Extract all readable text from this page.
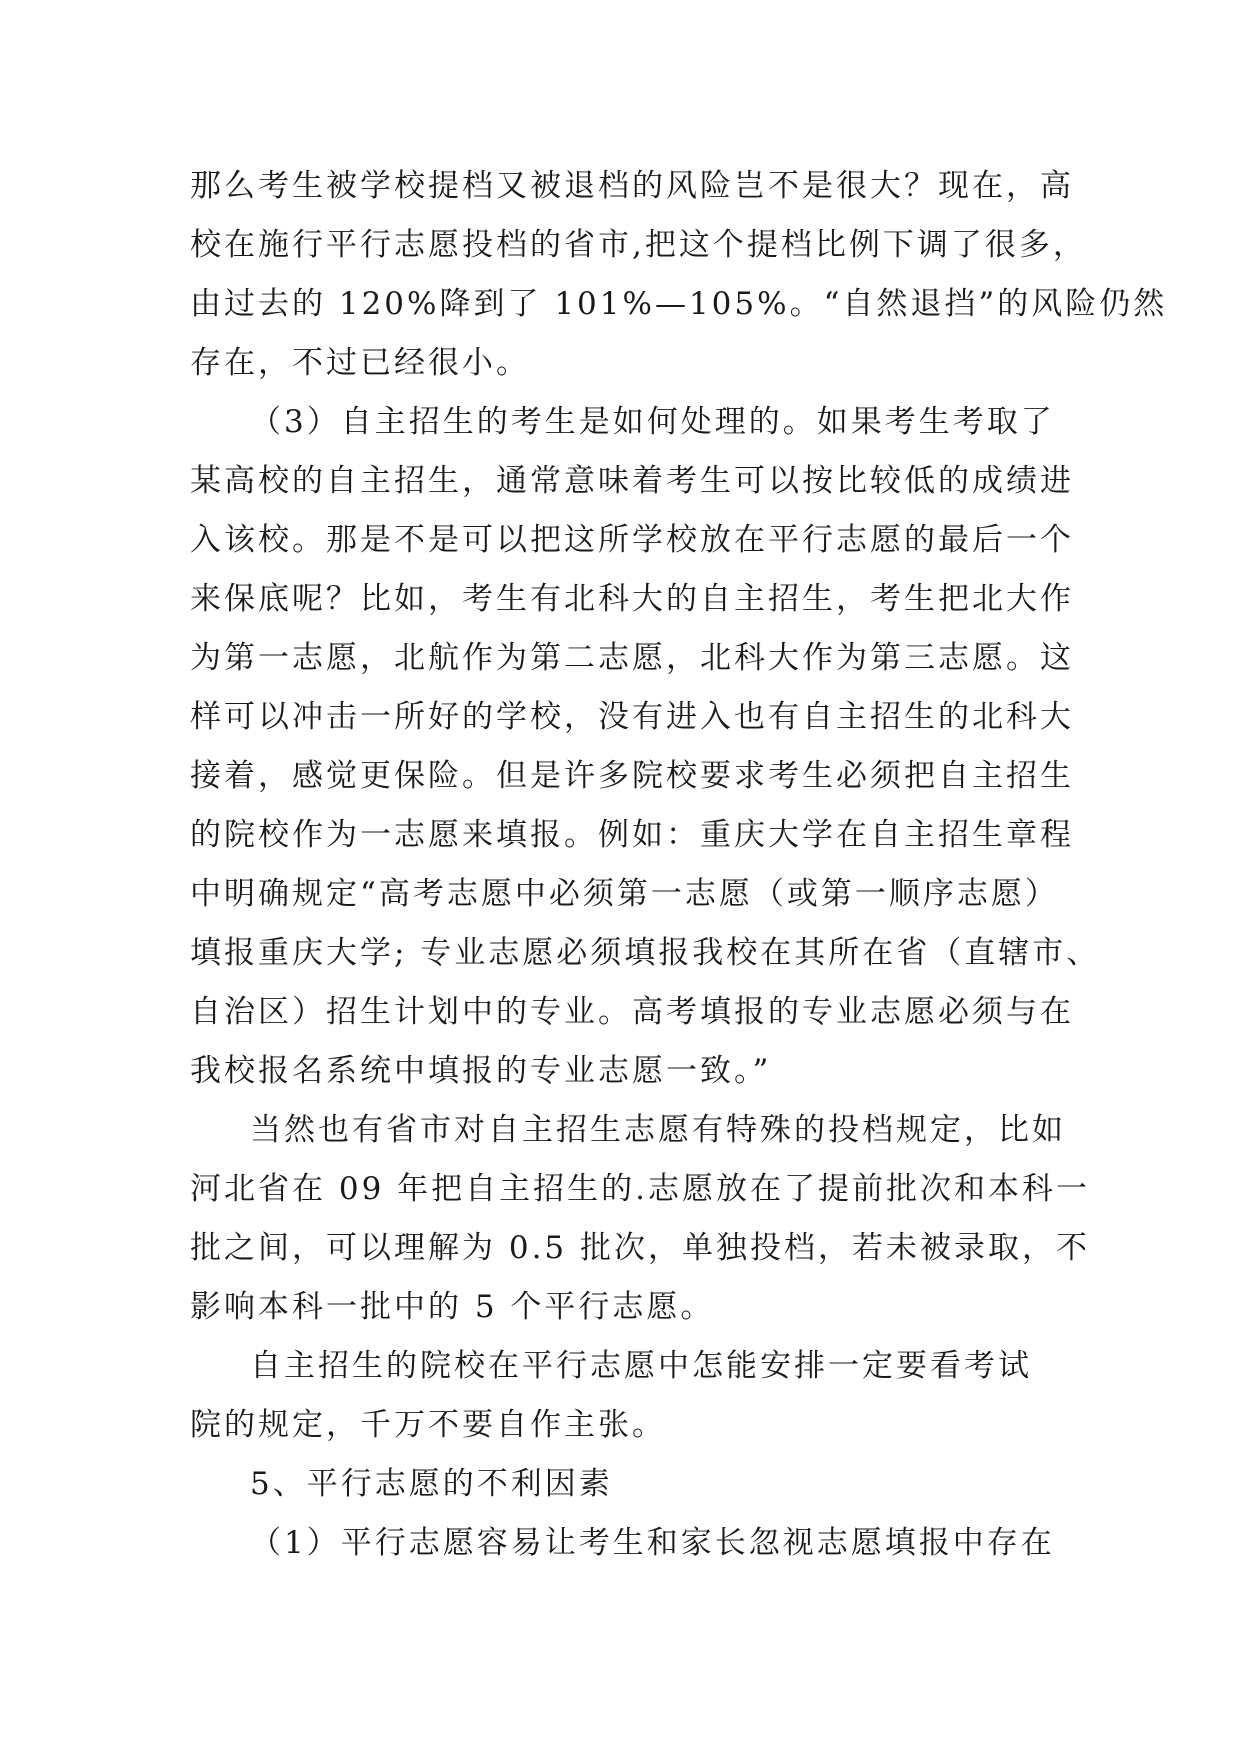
那么考生被学校提档又被退档的风险岂不是很大？现在，高
校在施行平行志愿投档的省市,把这个提档比例下调了很多，
由过去的 120%降到了 101%—105%。“自然退挡”的风险仍然
存在，不过已经很小。
（3）自主招生的考生是如何处理的。如果考生考取了
某高校的自主招生，通常意味着考生可以按比较低的成绩进
入该校。那是不是可以把这所学校放在平行志愿的最后一个
来保底呢？比如，考生有北科大的自主招生，考生把北大作
为第一志愿，北航作为第二志愿，北科大作为第三志愿。这
样可以冲击一所好的学校，没有进入也有自主招生的北科大
接着，感觉更保险。但是许多院校要求考生必须把自主招生
的院校作为一志愿来填报。例如：重庆大学在自主招生章程
中明确规定“高考志愿中必须第一志愿（或第一顺序志愿）
填报重庆大学; 专业志愿必须填报我校在其所在省（直辖市、
自治区）招生计划中的专业。高考填报的专业志愿必须与在
我校报名系统中填报的专业志愿一致。”
当然也有省市对自主招生志愿有特殊的投档规定，比如
河北省在 09 年把自主招生的.志愿放在了提前批次和本科一
批之间，可以理解为 0.5 批次，单独投档，若未被录取，不
影响本科一批中的 5 个平行志愿。
自主招生的院校在平行志愿中怎能安排一定要看考试
院的规定，千万不要自作主张。
5、平行志愿的不利因素
（1）平行志愿容易让考生和家长忽视志愿填报中存在
